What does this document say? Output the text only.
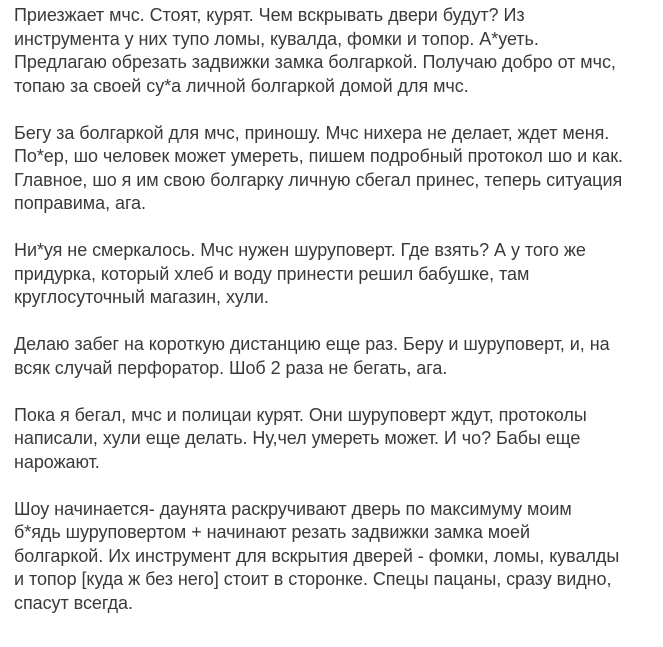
Приезжает мчс. Стоят, курят. Чем вскрывать двери будут? Из
инструмента у них тупо ломы, кувалда, фомки и топор. А*уеть.
Предлагаю обрезать задвижки замка болгаркой. Получаю добро от мчс,
топаю за своей су*а личной болгаркой домой для мчс.
Бегу за болгаркой для мчс, приношу. Мчс нихера не делает, ждет меня.
По*ер, шо человек может умереть, пишем подробный протокол шо и как.
Главное, шо я им свою болгарку личную сбегал принес, теперь ситуация
поправима, ага.
Ни*уя не смеркалось. Мчс нужен шуруповерт. Где взять? А у того же
придурка, который хлеб и воду принести решил бабушке, там
круглосуточный магазин, хули.
Делаю забег на короткую дистанцию еще раз. Беру и шуруповерт, и, на
всяк случай перфоратор. Шоб 2 раза не бегать, ага.
Пока я бегал, мчс и полицаи курят. Они шуруповерт ждут, протоколы
написали, хули еще делать. Ну,чел умереть может. И чо? Бабы еще
нарожают.
Шоу начинается- даунята раскручивают дверь по максимуму моим
б*ядь шуруповертом + начинают резать задвижки замка моей
болгаркой. Их инструмент для вскрытия дверей - фомки, ломы, кувалды
и топор [куда ж без него] стоит в сторонке. Спецы пацаны, сразу видно,
спасут всегда.
